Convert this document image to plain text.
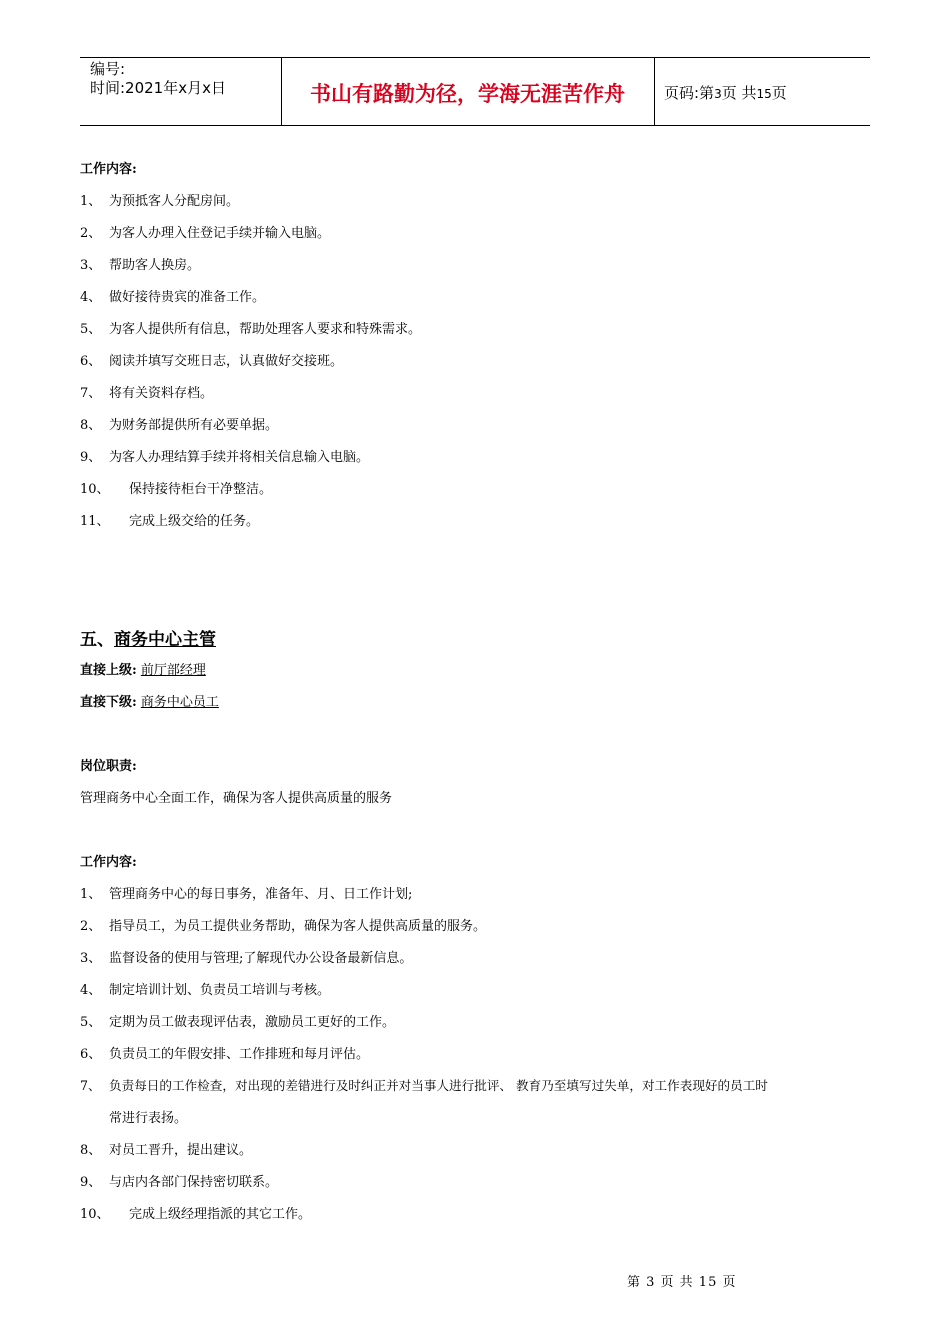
编号:
时间:2021年x月x日	书山有路勤为径，学海无涯苦作舟	页码:第3页 共15页
工作内容:
1、 为预抵客人分配房间。
2、 为客人办理入住登记手续并输入电脑。
3、 帮助客人换房。
4、 做好接待贵宾的准备工作。
5、 为客人提供所有信息，帮助处理客人要求和特殊需求。
6、 阅读并填写交班日志，认真做好交接班。
7、 将有关资料存档。
8、 为财务部提供所有必要单据。
9、 为客人办理结算手续并将相关信息输入电脑。
10、 保持接待柜台干净整洁。
11、 完成上级交给的任务。
五、商务中心主管
直接上级: 前厅部经理
直接下级: 商务中心员工
岗位职责:
管理商务中心全面工作，确保为客人提供高质量的服务
工作内容:
1、 管理商务中心的每日事务，准备年、月、日工作计划;
2、 指导员工，为员工提供业务帮助，确保为客人提供高质量的服务。
3、 监督设备的使用与管理;了解现代办公设备最新信息。
4、 制定培训计划、负责员工培训与考核。
5、 定期为员工做表现评估表，激励员工更好的工作。
6、 负责员工的年假安排、工作排班和每月评估。
7、 负责每日的工作检查，对出现的差错进行及时纠正并对当事人进行批评、 教育乃至填写过失单，对工作表现好的员工时
常进行表扬。
8、 对员工晋升，提出建议。
9、 与店内各部门保持密切联系。
10、 完成上级经理指派的其它工作。
第 3 页 共 15 页
